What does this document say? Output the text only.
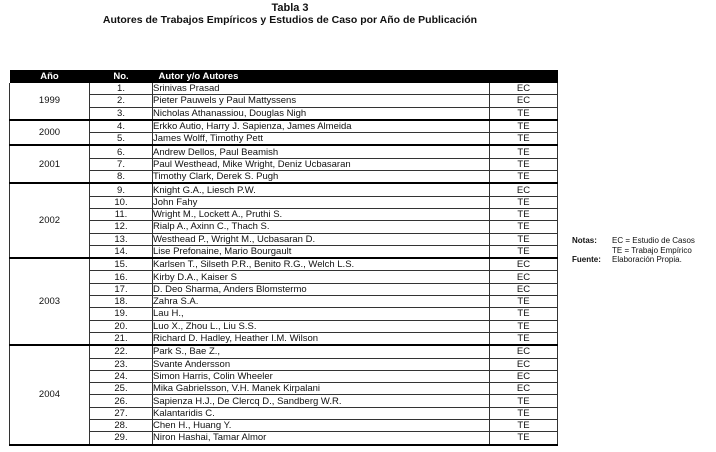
Tabla 3
Autores de Trabajos Empíricos y Estudios de Caso por Año de Publicación
Año	No.	Autor y/o Autores	
1999	1.	Srinivas Prasad	EC
	2.	Pieter Pauwels y Paul Mattyssens	EC
	3.	Nicholas Athanassiou, Douglas Nigh	TE
2000	4.	Erkko Autio, Harry J. Sapienza, James Almeida	TE
	5.	James Wolff, Timothy Pett	TE
2001	6.	Andrew Dellos, Paul Beamish	TE
	7.	Paul Westhead, Mike Wright, Deniz Ucbasaran	TE
	8.	Timothy Clark, Derek S. Pugh	TE
2002	9.	Knight G.A., Liesch P.W.	EC
	10.	John Fahy	TE
	11.	Wright M., Lockett A., Pruthi S.	TE
	12.	Rialp A., Axinn C., Thach S.	TE
	13.	Westhead P., Wright M., Ucbasaran D.	TE
	14.	Lise Prefonaine, Mario Bourgault	TE
2003	15.	Karlsen T., Silseth P.R., Benito R.G., Welch L.S.	EC
	16.	Kirby D.A., Kaiser S	EC
	17.	D. Deo Sharma, Anders Blomstermo	EC
	18.	Zahra S.A.	TE
	19.	Lau H.,	TE
	20.	Luo X., Zhou L., Liu S.S.	TE
	21.	Richard D. Hadley, Heather I.M. Wilson	TE
2004	22.	Park S., Bae Z.,	EC
	23.	Svante Andersson	EC
	24.	Simon Harris, Colin Wheeler	EC
	25.	Mika Gabrielsson, V.H. Manek Kirpalani	EC
	26.	Sapienza H.J., De Clercq D., Sandberg W.R.	TE
	27.	Kalantaridis C.	TE
	28.	Chen H., Huang Y.	TE
	29.	Niron Hashai, Tamar Almor	TE
Notas:	EC = Estudio de Casos
TE = Trabajo Empírico
Fuente:	Elaboración Propia.
